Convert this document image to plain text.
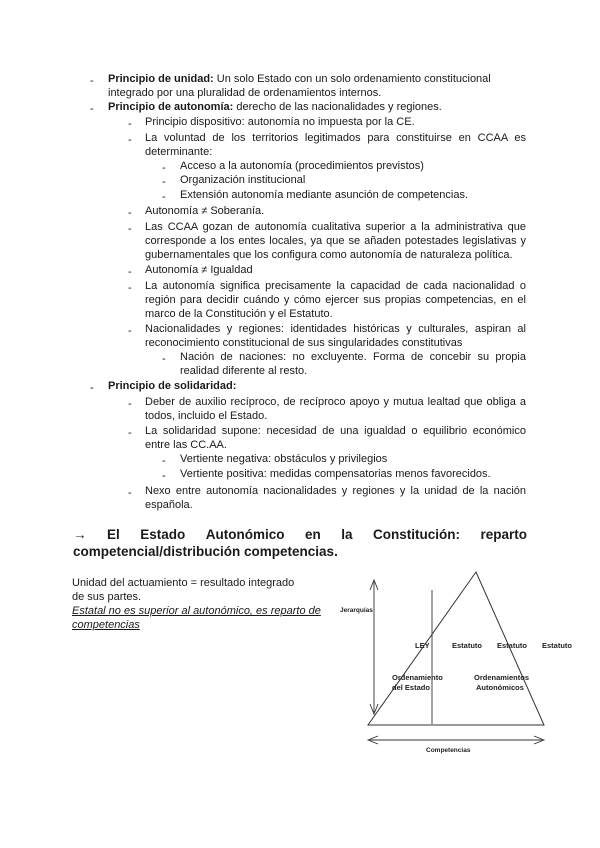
- Principio de unidad: Un solo Estado con un solo ordenamiento constitucional
integrado por una pluralidad de ordenamientos internos.
- Principio de autonomía: derecho de las nacionalidades y regiones.
- Principio dispositivo: autonomía no impuesta por la CE.
- La voluntad de los territorios legitimados para constituirse en CCAA es
determinante:
- Acceso a la autonomía (procedimientos previstos)
- Organización institucional
- Extensión autonomía mediante asunción de competencias.
- Autonomía ≠ Soberanía.
- Las CCAA gozan de autonomía cualitativa superior a la administrativa que
corresponde a los entes locales, ya que se añaden potestades legislativas y
gubernamentales que los configura como autonomía de naturaleza política.
- Autonomía ≠ Igualdad
- La autonomía significa precisamente la capacidad de cada nacionalidad o
región para decidir cuándo y cómo ejercer sus propias competencias, en el
marco de la Constitución y el Estatuto.
- Nacionalidades y regiones: identidades históricas y culturales, aspiran al
reconocimiento constitucional de sus singularidades constitutivas
- Nación de naciones: no excluyente. Forma de concebir su propia
realidad diferente al resto.
- Principio de solidaridad:
- Deber de auxilio recíproco, de recíproco apoyo y mutua lealtad que obliga a
todos, incluido el Estado.
- La solidaridad supone: necesidad de una igualdad o equilibrio económico
entre las CC.AA.
- Vertiente negativa: obstáculos y privilegios
- Vertiente positiva: medidas compensatorias menos favorecidos.
- Nexo entre autonomía nacionalidades y regiones y la unidad de la nación
española.
→ El Estado Autonómico en la Constitución: reparto
competencial/distribución competencias.
Unidad del actuamiento = resultado integrado
de sus partes.
Estatal no es superior al autonómico, es reparto de
competencias
Jerarquías
LEY	Estatuto Estatuto Estatuto
Ordenamiento
del Estado
Ordenamientos
Autonómicos
Competencias
